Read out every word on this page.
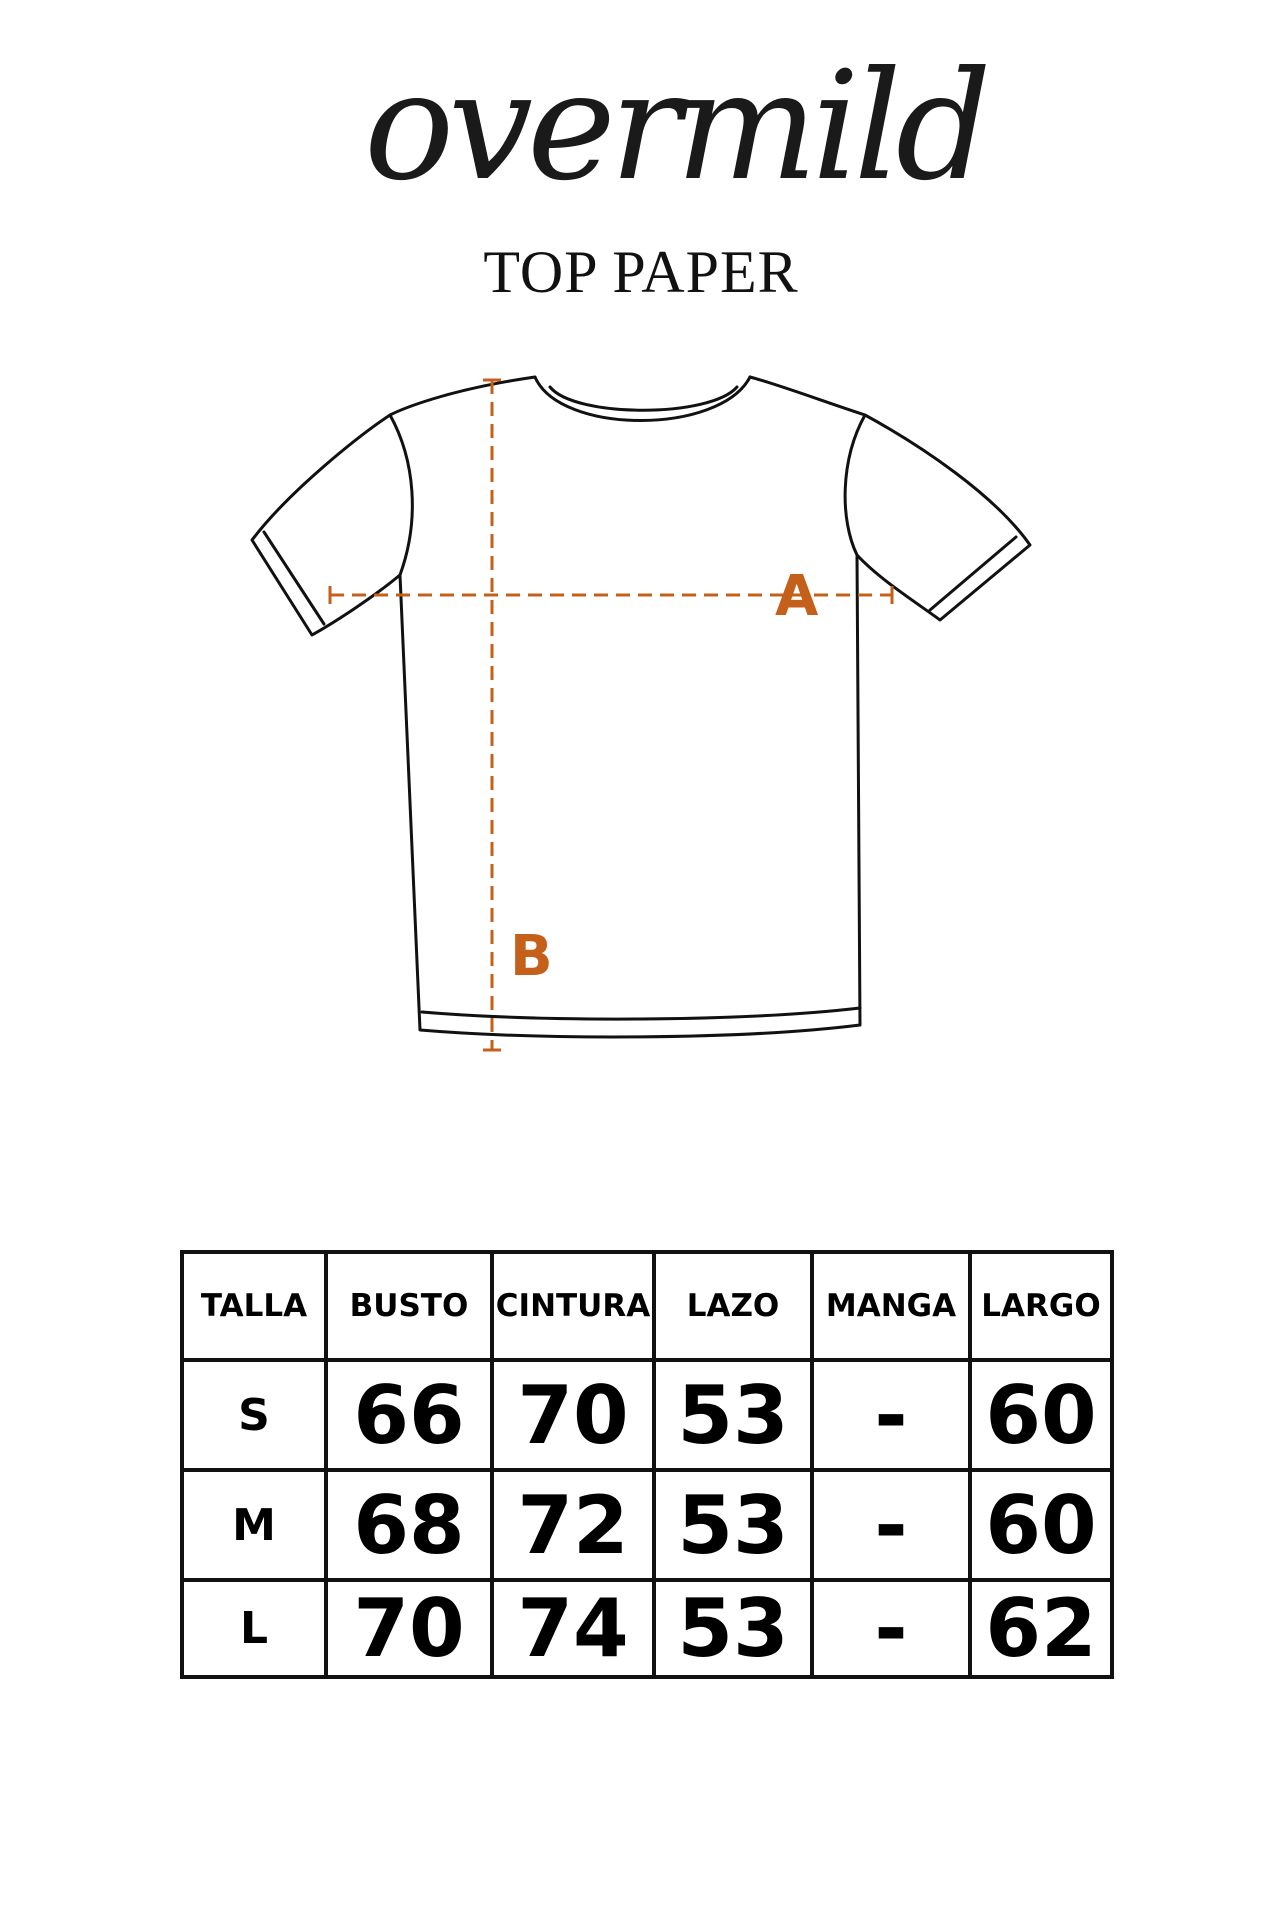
overmild
TOP PAPER
A
B
TALLA	BUSTO	CINTURA	LAZO	MANGA	LARGO
S	66	70	53	-	60
M	68	72	53	-	60
L	70	74	53	-	62
